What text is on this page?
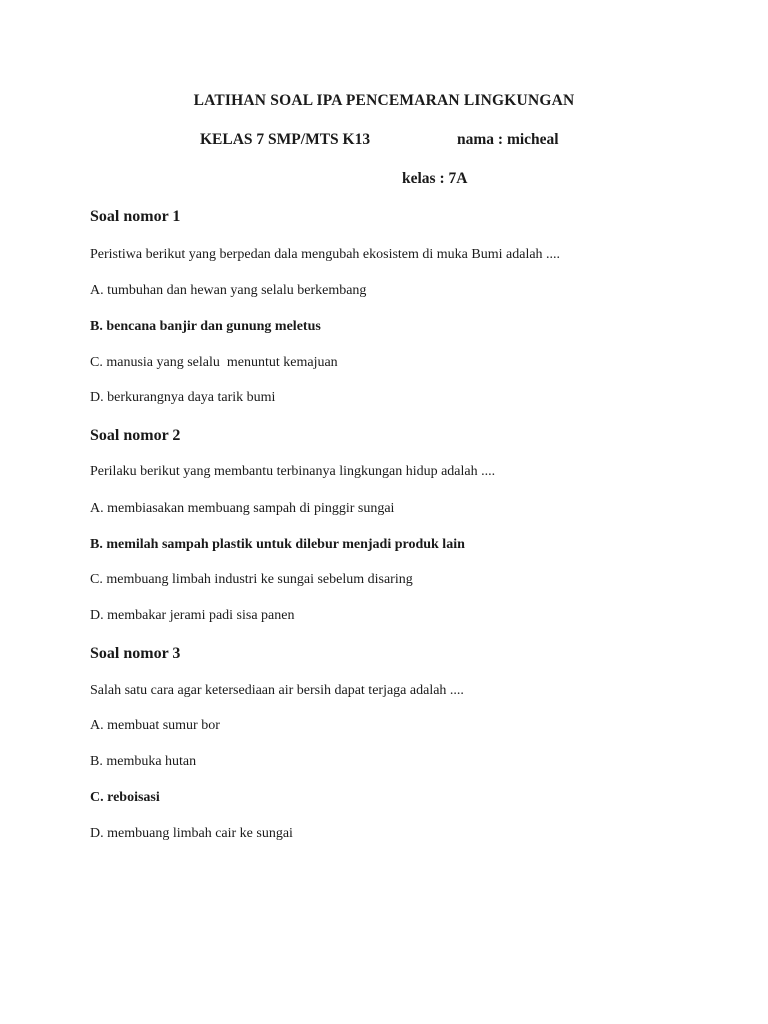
LATIHAN SOAL IPA PENCEMARAN LINGKUNGAN
KELAS 7 SMP/MTS K13	nama : micheal
kelas : 7A
Soal nomor 1
Peristiwa berikut yang berpedan dala mengubah ekosistem di muka Bumi adalah ....
A. tumbuhan dan hewan yang selalu berkembang
B. bencana banjir dan gunung meletus
C. manusia yang selalu  menuntut kemajuan
D. berkurangnya daya tarik bumi
Soal nomor 2
Perilaku berikut yang membantu terbinanya lingkungan hidup adalah ....
A. membiasakan membuang sampah di pinggir sungai
B. memilah sampah plastik untuk dilebur menjadi produk lain
C. membuang limbah industri ke sungai sebelum disaring
D. membakar jerami padi sisa panen
Soal nomor 3
Salah satu cara agar ketersediaan air bersih dapat terjaga adalah ....
A. membuat sumur bor
B. membuka hutan
C. reboisasi
D. membuang limbah cair ke sungai
